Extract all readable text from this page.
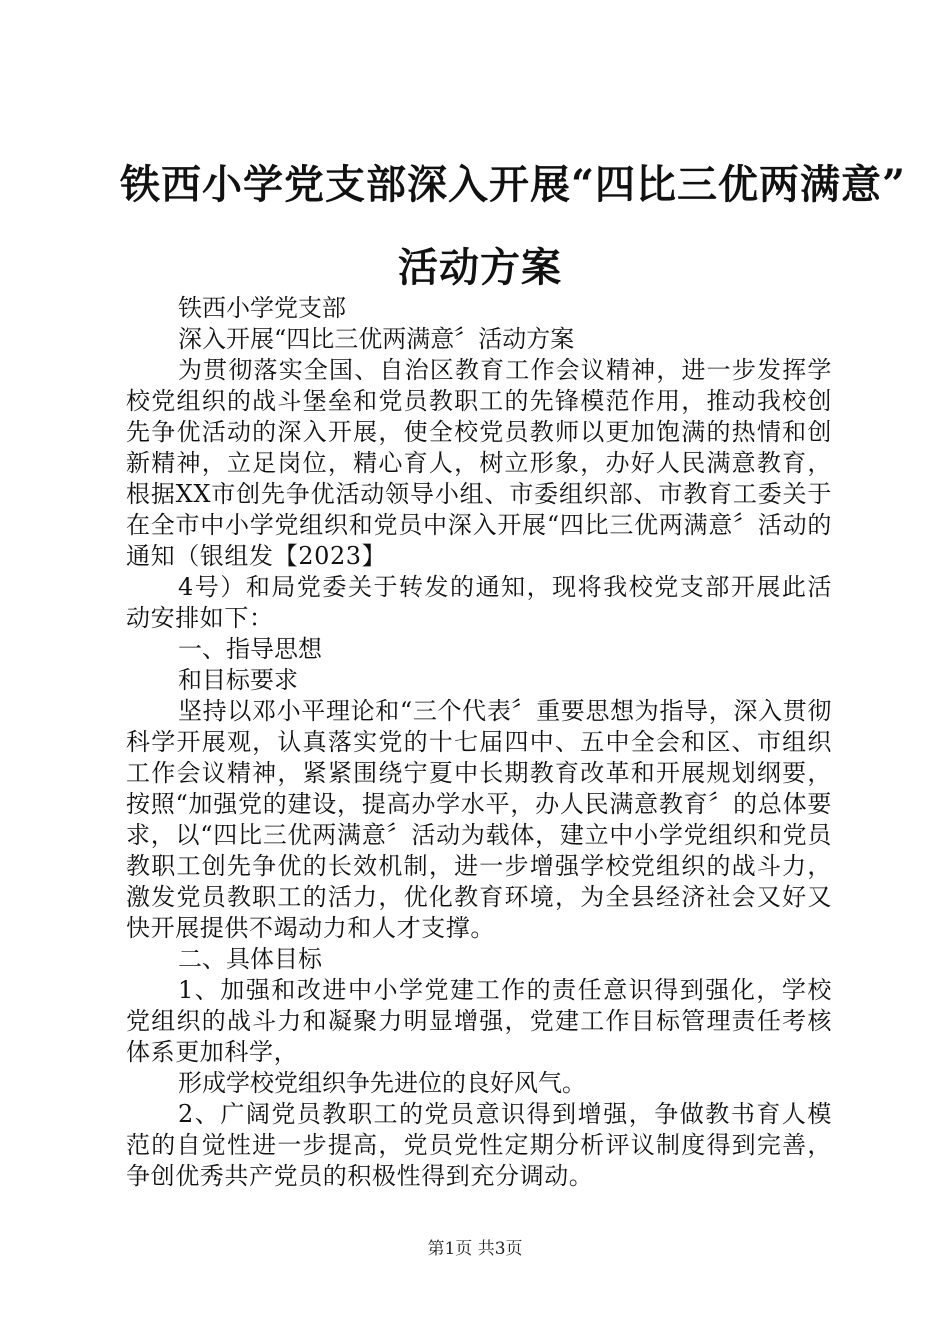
铁西小学党支部深入开展“四比三优两满意”
活动方案

铁西小学党支部

深入开展“四比三优两满意〞活动方案

为贯彻落实全国、自治区教育工作会议精神，进一步发挥学校党组织的战斗堡垒和党员教职工的先锋模范作用，推动我校创先争优活动的深入开展，使全校党员教师以更加饱满的热情和创新精神，立足岗位，精心育人，树立形象，办好人民满意教育，根据XX市创先争优活动领导小组、市委组织部、市教育工委关于在全市中小学党组织和党员中深入开展“四比三优两满意〞活动的通知（银组发【2023】

4号）和局党委关于转发的通知，现将我校党支部开展此活动安排如下：

一、指导思想

和目标要求

坚持以邓小平理论和“三个代表〞重要思想为指导，深入贯彻科学开展观，认真落实党的十七届四中、五中全会和区、市组织工作会议精神，紧紧围绕宁夏中长期教育改革和开展规划纲要，按照“加强党的建设，提高办学水平，办人民满意教育〞的总体要求，以“四比三优两满意〞活动为载体，建立中小学党组织和党员教职工创先争优的长效机制，进一步增强学校党组织的战斗力，激发党员教职工的活力，优化教育环境，为全县经济社会又好又快开展提供不竭动力和人才支撑。

二、具体目标

1、加强和改进中小学党建工作的责任意识得到强化，学校党组织的战斗力和凝聚力明显增强，党建工作目标管理责任考核体系更加科学，

形成学校党组织争先进位的良好风气。

2、广阔党员教职工的党员意识得到增强，争做教书育人模范的自觉性进一步提高，党员党性定期分析评议制度得到完善，争创优秀共产党员的积极性得到充分调动。

第1页 共3页
